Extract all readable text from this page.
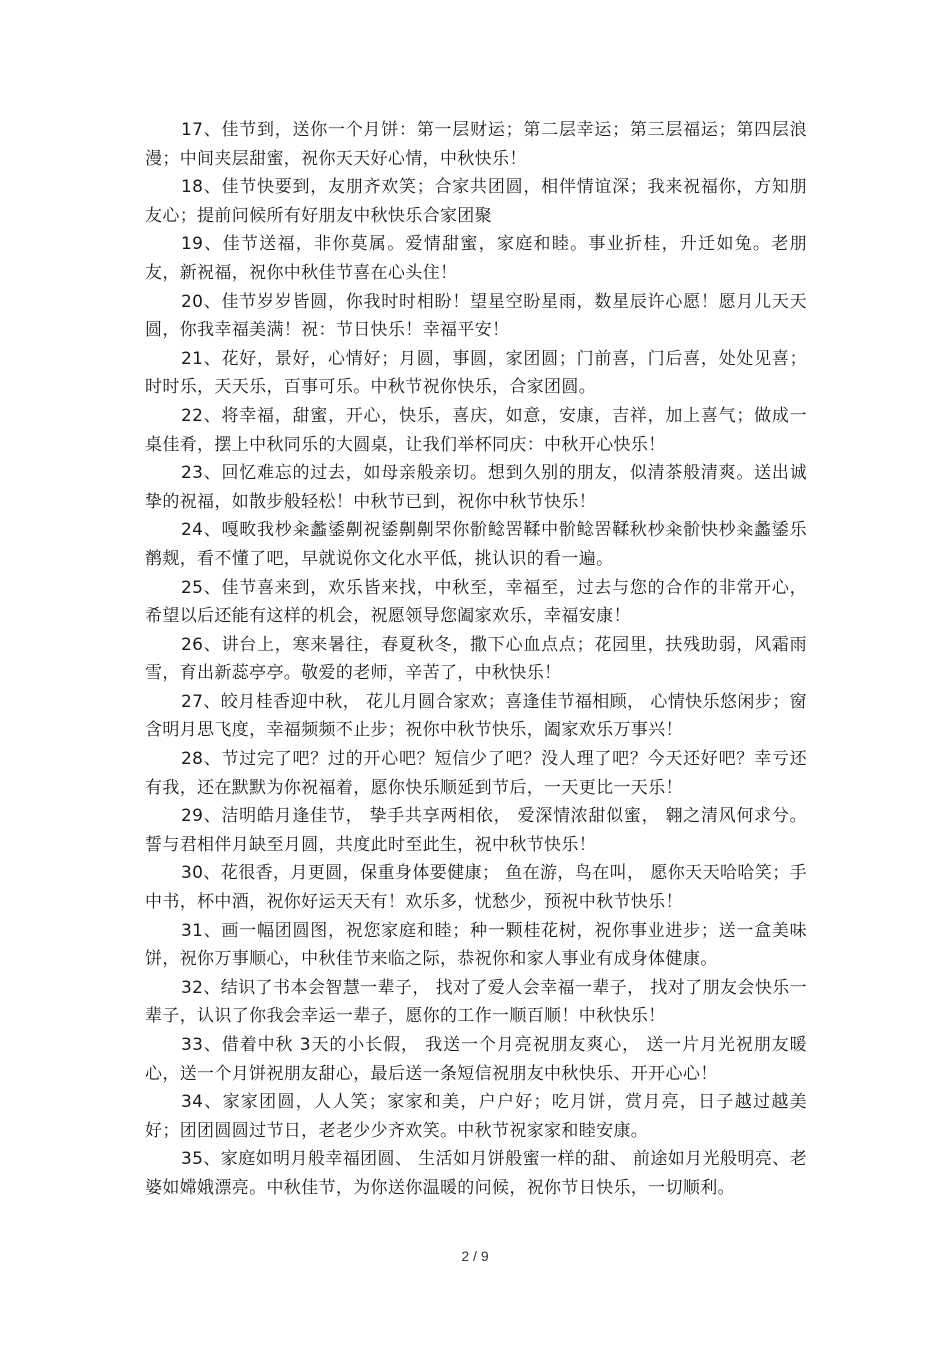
17、佳节到，送你一个月饼：第一层财运；第二层幸运；第三层福运；第四层浪漫；中间夹层甜蜜，祝你天天好心情，中秋快乐！

18、佳节快要到，友朋齐欢笑；合家共团圆，相伴情谊深；我来祝福你，方知朋友心；提前问候所有好朋友中秋快乐合家团聚

19、佳节送福，非你莫属。爱情甜蜜，家庭和睦。事业折桂，升迁如兔。老朋友，新祝福，祝你中秋佳节喜在心头住！

20、佳节岁岁皆圆，你我时时相盼！望星空盼星雨，数星辰许心愿！愿月儿天天圆，你我幸福美满！祝：节日快乐！幸福平安！

21、花好，景好，心情好；月圆，事圆，家团圆；门前喜，门后喜，处处见喜；时时乐，天天乐，百事可乐。中秋节祝你快乐，合家团圆。

22、将幸福，甜蜜，开心，快乐，喜庆，如意，安康，吉祥，加上喜气；做成一桌佳肴，摆上中秋同乐的大圆桌，让我们举杯同庆：中秋开心快乐！

23、回忆难忘的过去，如母亲般亲切。想到久别的朋友，似清茶般清爽。送出诚挚的祝福，如散步般轻松！中秋节已到，祝你中秋节快乐！

24、嘎畋我杪籴蠡鋈劓祝鋈劓劓罘你骱鲶罟鞣中骱鲶罟鞣秋杪籴骱快杪籴蠡鋈乐鹡觌，看不懂了吧，早就说你文化水平低，挑认识的看一遍。

25、佳节喜来到，欢乐皆来找，中秋至，幸福至，过去与您的合作的非常开心，希望以后还能有这样的机会，祝愿领导您阖家欢乐，幸福安康！

26、讲台上，寒来暑往，春夏秋冬，撒下心血点点；花园里，扶残助弱，风霜雨雪，育出新蕊亭亭。敬爱的老师，辛苦了，中秋快乐！

27、皎月桂香迎中秋， 花儿月圆合家欢；喜逢佳节福相顾， 心情快乐悠闲步；窗含明月思飞度，幸福频频不止步；祝你中秋节快乐，阖家欢乐万事兴！

28、节过完了吧？过的开心吧？短信少了吧？没人理了吧？今天还好吧？幸亏还有我，还在默默为你祝福着，愿你快乐顺延到节后，一天更比一天乐！

29、洁明皓月逢佳节， 挚手共享两相依， 爱深情浓甜似蜜， 翱之清风何求兮。誓与君相伴月缺至月圆，共度此时至此生，祝中秋节快乐！

30、花很香，月更圆，保重身体要健康； 鱼在游，鸟在叫， 愿你天天哈哈笑；手中书，杯中酒，祝你好运天天有！欢乐多，忧愁少，预祝中秋节快乐！

31、画一幅团圆图，祝您家庭和睦；种一颗桂花树，祝你事业进步；送一盒美味饼，祝你万事顺心，中秋佳节来临之际，恭祝你和家人事业有成身体健康。

32、结识了书本会智慧一辈子， 找对了爱人会幸福一辈子， 找对了朋友会快乐一辈子，认识了你我会幸运一辈子，愿你的工作一顺百顺！中秋快乐！

33、借着中秋 3天的小长假， 我送一个月亮祝朋友爽心， 送一片月光祝朋友暖心，送一个月饼祝朋友甜心，最后送一条短信祝朋友中秋快乐、开开心心！

34、家家团圆，人人笑；家家和美，户户好；吃月饼，赏月亮，日子越过越美好；团团圆圆过节日，老老少少齐欢笑。中秋节祝家家和睦安康。

35、家庭如明月般幸福团圆、 生活如月饼般蜜一样的甜、 前途如月光般明亮、老婆如嫦娥漂亮。中秋佳节，为你送你温暖的问候，祝你节日快乐，一切顺利。

2 / 9
